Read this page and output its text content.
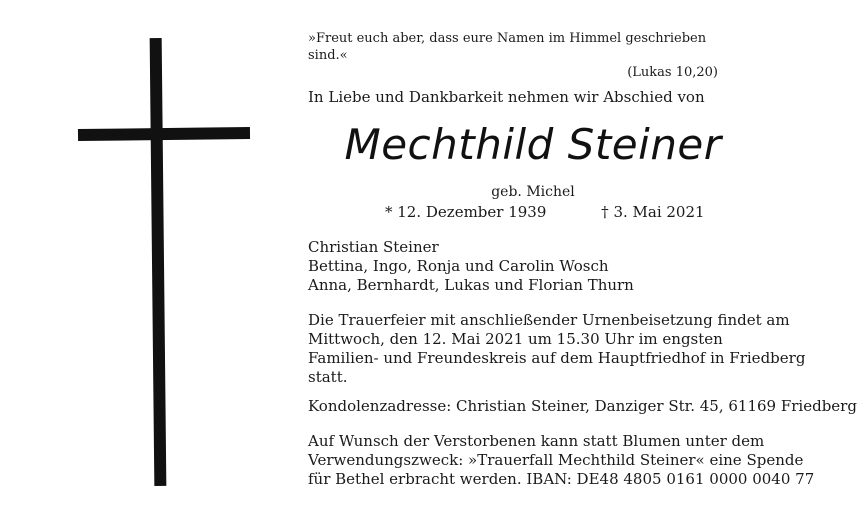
»Freut euch aber, dass eure Namen im Himmel geschrieben sind.«
(Lukas 10,20)
In Liebe und Dankbarkeit nehmen wir Abschied von
Mechthild Steiner
geb. Michel
* 12. Dezember 1939	† 3. Mai 2021
Christian Steiner
Bettina, Ingo, Ronja und Carolin Wosch
Anna, Bernhardt, Lukas und Florian Thurn
Die Trauerfeier mit anschließender Urnenbeisetzung findet am
Mittwoch, den 12. Mai 2021 um 15.30 Uhr im engsten
Familien- und Freundeskreis auf dem Hauptfriedhof in Friedberg
statt.
Kondolenzadresse: Christian Steiner, Danziger Str. 45, 61169 Friedberg
Auf Wunsch der Verstorbenen kann statt Blumen unter dem
Verwendungszweck: »Trauerfall Mechthild Steiner« eine Spende
für Bethel erbracht werden. IBAN: DE48 4805 0161 0000 0040 77
